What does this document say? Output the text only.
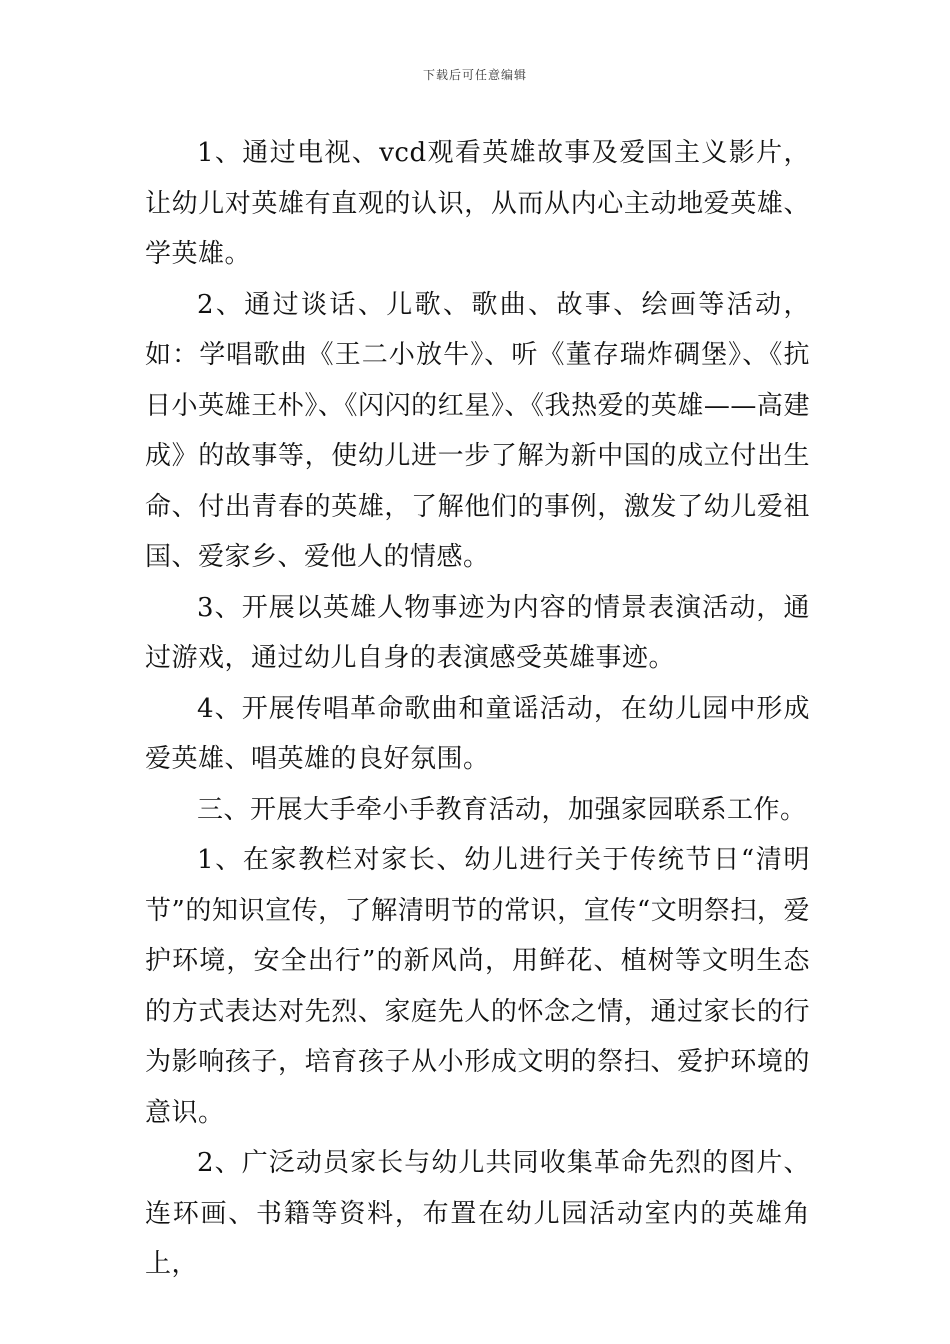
下载后可任意编辑

1、通过电视、vcd观看英雄故事及爱国主义影片，让幼儿对英雄有直观的认识，从而从内心主动地爱英雄、学英雄。

2、通过谈话、儿歌、歌曲、故事、绘画等活动，如：学唱歌曲《王二小放牛》、听《董存瑞炸碉堡》、《抗日小英雄王朴》、《闪闪的红星》、《我热爱的英雄——高建成》的故事等，使幼儿进一步了解为新中国的成立付出生命、付出青春的英雄，了解他们的事例，激发了幼儿爱祖国、爱家乡、爱他人的情感。

3、开展以英雄人物事迹为内容的情景表演活动，通过游戏，通过幼儿自身的表演感受英雄事迹。

4、开展传唱革命歌曲和童谣活动，在幼儿园中形成爱英雄、唱英雄的良好氛围。

三、开展大手牵小手教育活动，加强家园联系工作。

1、在家教栏对家长、幼儿进行关于传统节日“清明节”的知识宣传，了解清明节的常识，宣传“文明祭扫，爱护环境，安全出行”的新风尚，用鲜花、植树等文明生态的方式表达对先烈、家庭先人的怀念之情，通过家长的行为影响孩子，培育孩子从小形成文明的祭扫、爱护环境的意识。

2、广泛动员家长与幼儿共同收集革命先烈的图片、连环画、书籍等资料，布置在幼儿园活动室内的英雄角上，
